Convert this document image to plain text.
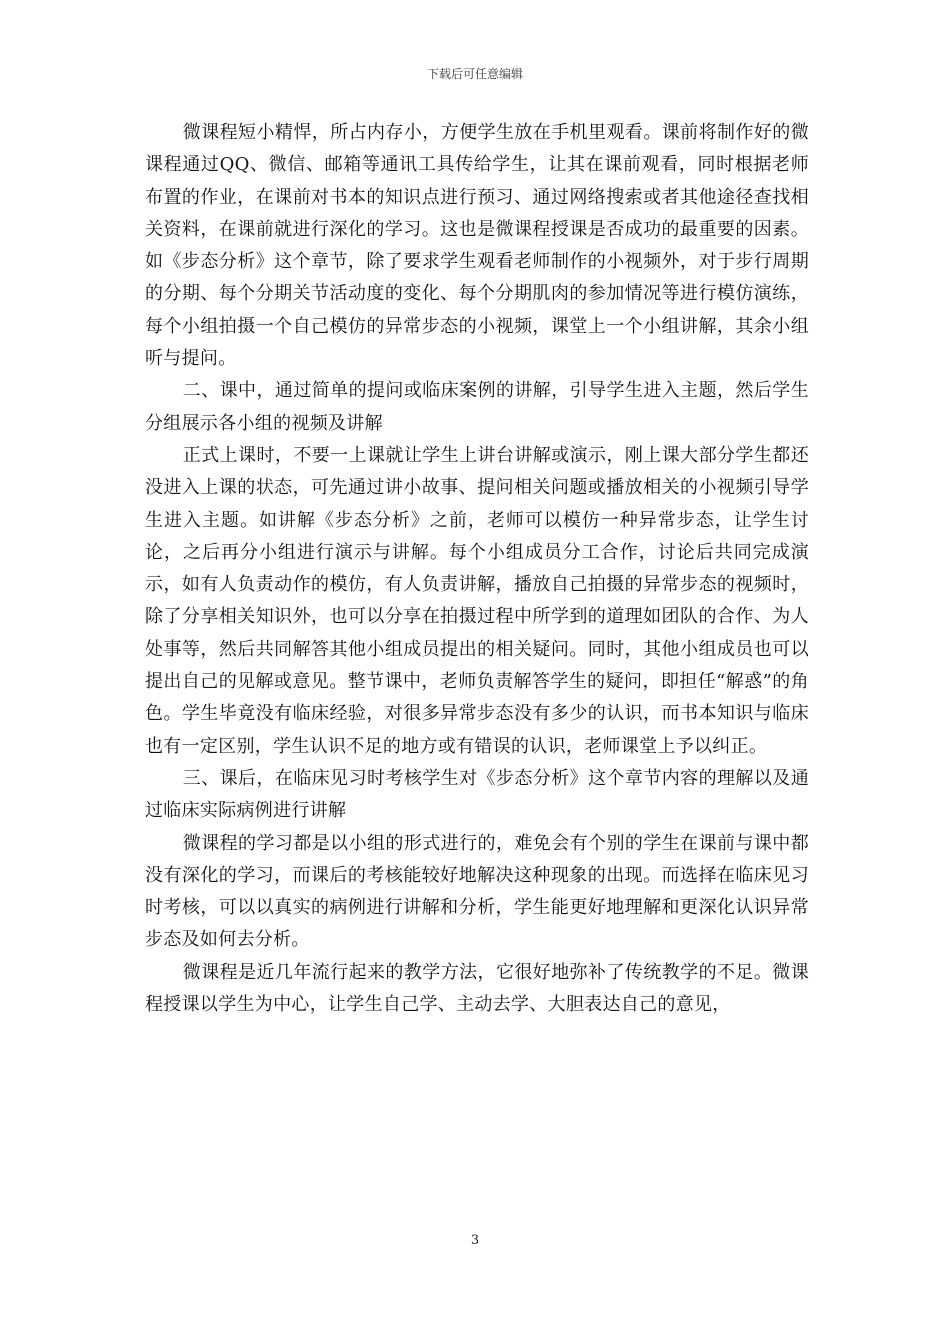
下载后可任意编辑

微课程短小精悍，所占内存小，方便学生放在手机里观看。课前将制作好的微课程通过QQ、微信、邮箱等通讯工具传给学生，让其在课前观看，同时根据老师布置的作业，在课前对书本的知识点进行预习、通过网络搜索或者其他途径查找相关资料，在课前就进行深化的学习。这也是微课程授课是否成功的最重要的因素。如《步态分析》这个章节，除了要求学生观看老师制作的小视频外，对于步行周期的分期、每个分期关节活动度的变化、每个分期肌肉的参加情况等进行模仿演练，每个小组拍摄一个自己模仿的异常步态的小视频，课堂上一个小组讲解，其余小组听与提问。

二、课中，通过简单的提问或临床案例的讲解，引导学生进入主题，然后学生分组展示各小组的视频及讲解

正式上课时，不要一上课就让学生上讲台讲解或演示，刚上课大部分学生都还没进入上课的状态，可先通过讲小故事、提问相关问题或播放相关的小视频引导学生进入主题。如讲解《步态分析》之前，老师可以模仿一种异常步态，让学生讨论，之后再分小组进行演示与讲解。每个小组成员分工合作，讨论后共同完成演示，如有人负责动作的模仿，有人负责讲解，播放自己拍摄的异常步态的视频时，除了分享相关知识外，也可以分享在拍摄过程中所学到的道理如团队的合作、为人处事等，然后共同解答其他小组成员提出的相关疑问。同时，其他小组成员也可以提出自己的见解或意见。整节课中，老师负责解答学生的疑问，即担任“解惑”的角色。学生毕竟没有临床经验，对很多异常步态没有多少的认识，而书本知识与临床也有一定区别，学生认识不足的地方或有错误的认识，老师课堂上予以纠正。

三、课后，在临床见习时考核学生对《步态分析》这个章节内容的理解以及通过临床实际病例进行讲解

微课程的学习都是以小组的形式进行的，难免会有个别的学生在课前与课中都没有深化的学习，而课后的考核能较好地解决这种现象的出现。而选择在临床见习时考核，可以以真实的病例进行讲解和分析，学生能更好地理解和更深化认识异常步态及如何去分析。

微课程是近几年流行起来的教学方法，它很好地弥补了传统教学的不足。微课程授课以学生为中心，让学生自己学、主动去学、大胆表达自己的意见，

3
